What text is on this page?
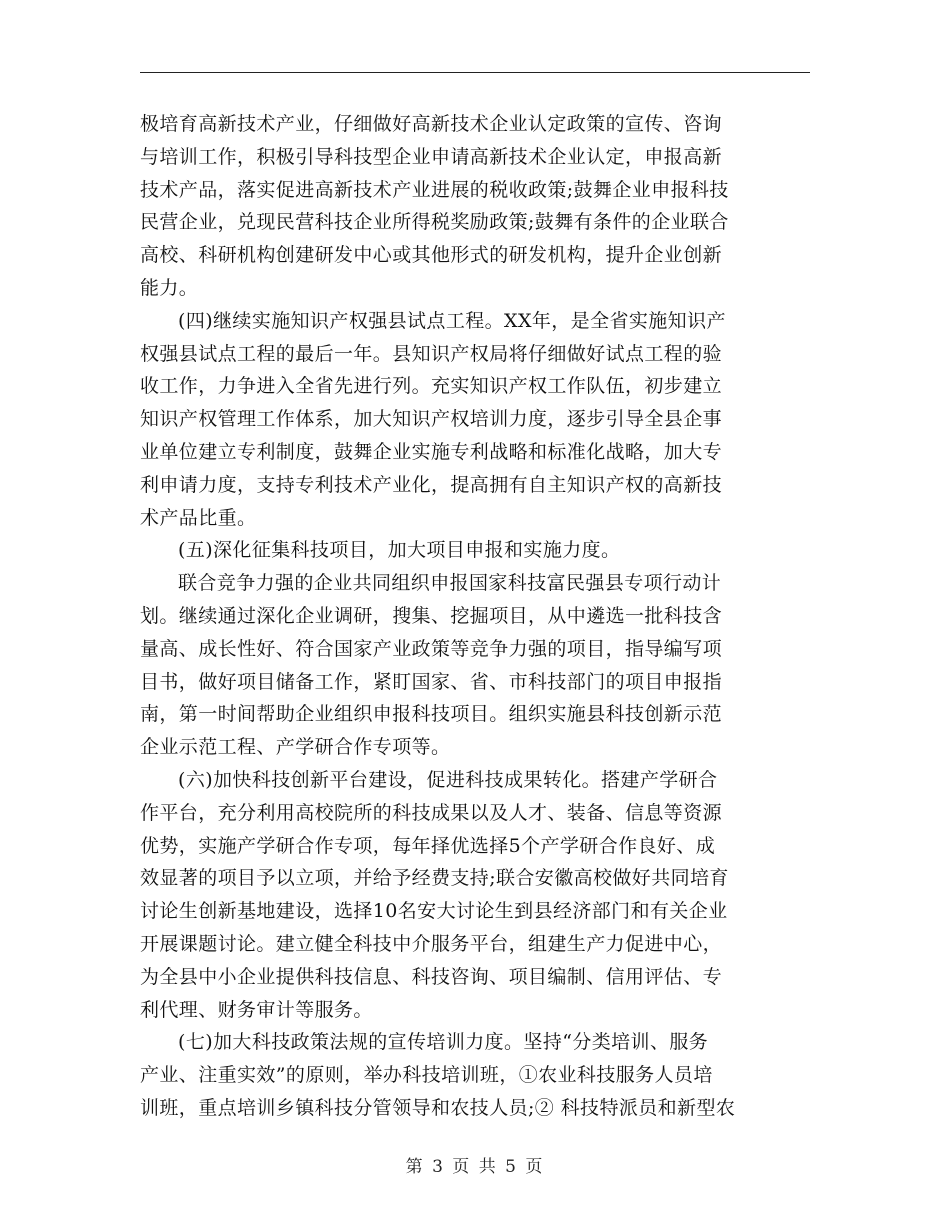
极培育高新技术产业，仔细做好高新技术企业认定政策的宣传、咨询
与培训工作，积极引导科技型企业申请高新技术企业认定，申报高新
技术产品，落实促进高新技术产业进展的税收政策;鼓舞企业申报科技
民营企业，兑现民营科技企业所得税奖励政策;鼓舞有条件的企业联合
高校、科研机构创建研发中心或其他形式的研发机构，提升企业创新
能力。
(四)继续实施知识产权强县试点工程。XX年，是全省实施知识产
权强县试点工程的最后一年。县知识产权局将仔细做好试点工程的验
收工作，力争进入全省先进行列。充实知识产权工作队伍，初步建立
知识产权管理工作体系，加大知识产权培训力度，逐步引导全县企事
业单位建立专利制度，鼓舞企业实施专利战略和标准化战略，加大专
利申请力度，支持专利技术产业化，提高拥有自主知识产权的高新技
术产品比重。
(五)深化征集科技项目，加大项目申报和实施力度。
联合竞争力强的企业共同组织申报国家科技富民强县专项行动计
划。继续通过深化企业调研，搜集、挖掘项目，从中遴选一批科技含
量高、成长性好、符合国家产业政策等竞争力强的项目，指导编写项
目书，做好项目储备工作，紧盯国家、省、市科技部门的项目申报指
南，第一时间帮助企业组织申报科技项目。组织实施县科技创新示范
企业示范工程、产学研合作专项等。
(六)加快科技创新平台建设，促进科技成果转化。搭建产学研合
作平台，充分利用高校院所的科技成果以及人才、装备、信息等资源
优势，实施产学研合作专项，每年择优选择5个产学研合作良好、成
效显著的项目予以立项，并给予经费支持;联合安徽高校做好共同培育
讨论生创新基地建设，选择10名安大讨论生到县经济部门和有关企业
开展课题讨论。建立健全科技中介服务平台，组建生产力促进中心，
为全县中小企业提供科技信息、科技咨询、项目编制、信用评估、专
利代理、财务审计等服务。
(七)加大科技政策法规的宣传培训力度。坚持“分类培训、服务
产业、注重实效”的原则，举办科技培训班，①农业科技服务人员培
训班，重点培训乡镇科技分管领导和农技人员;② 科技特派员和新型农
第 3 页 共 5 页
